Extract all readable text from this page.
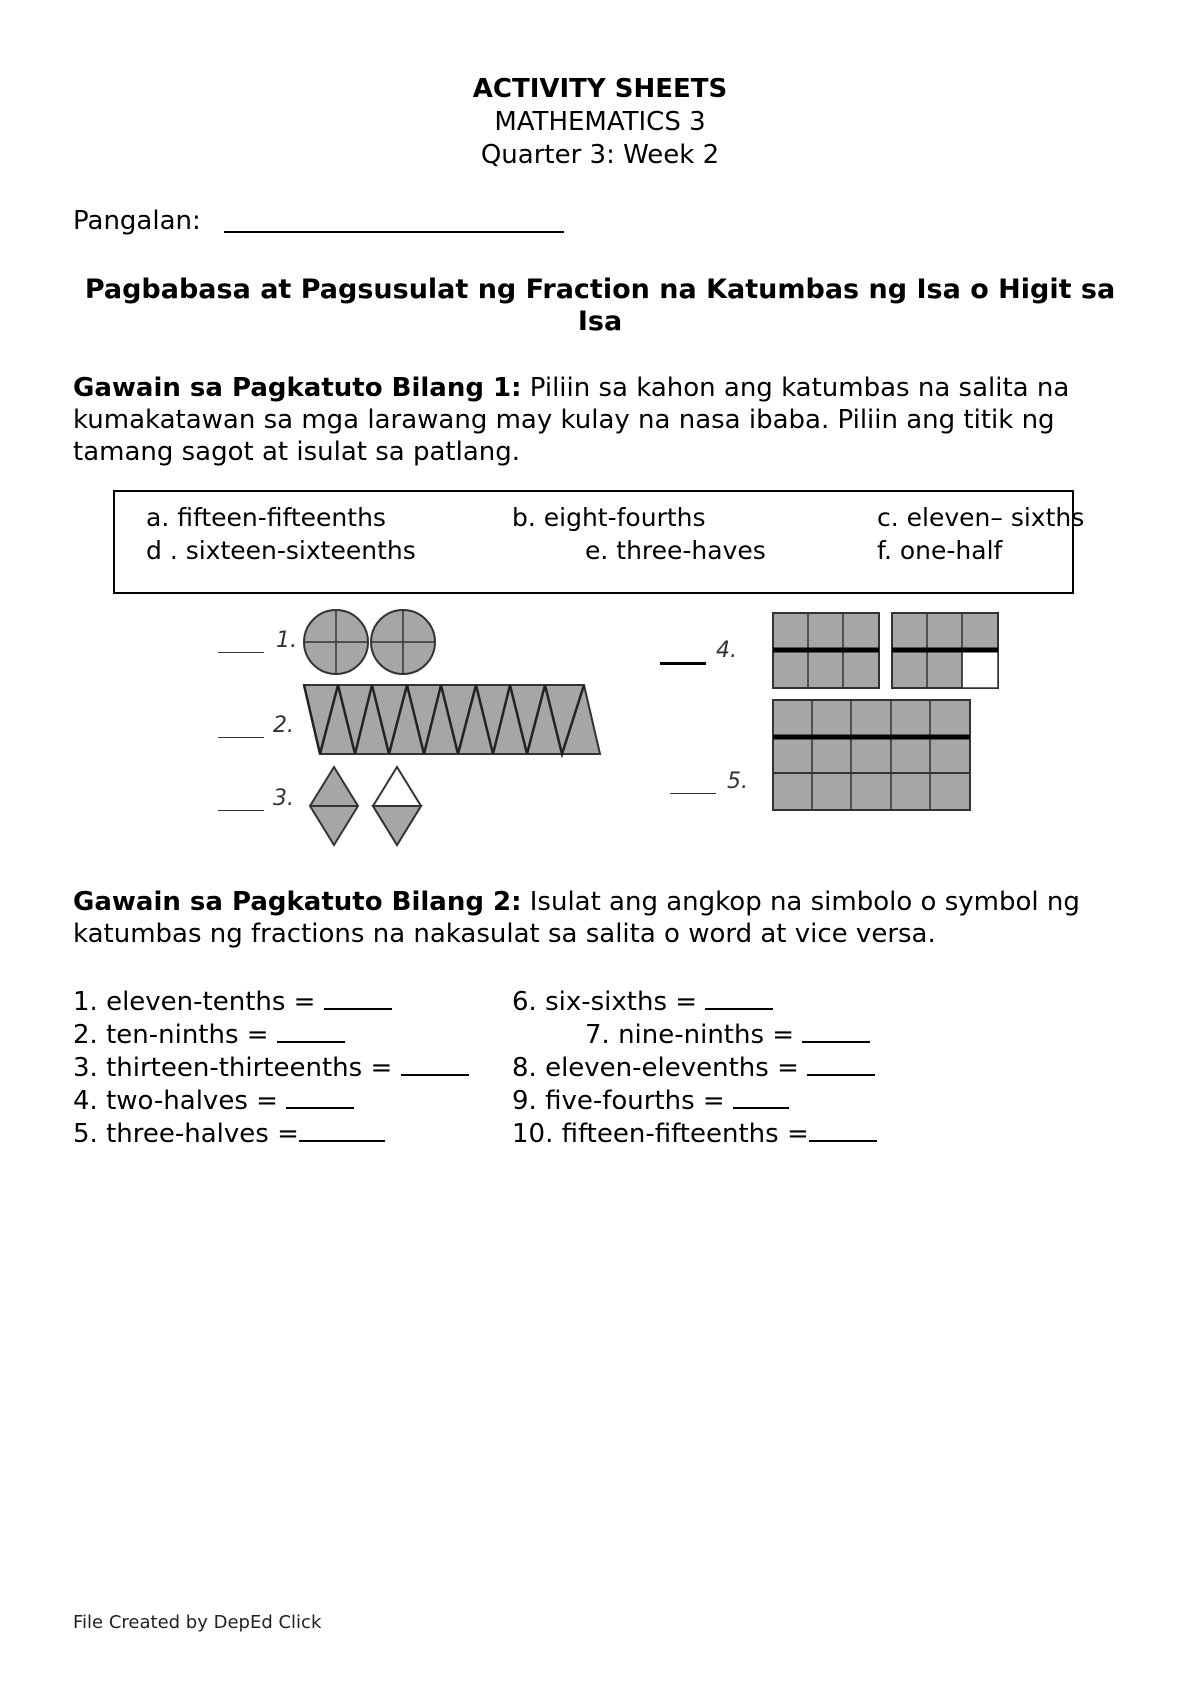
ACTIVITY SHEETS
MATHEMATICS 3
Quarter 3: Week 2
Pangalan:
Pagbabasa at Pagsusulat ng Fraction na Katumbas ng Isa o Higit sa Isa
Gawain sa Pagkatuto Bilang 1: Piliin sa kahon ang katumbas na salita na kumakatawan sa mga larawang may kulay na nasa ibaba. Piliin ang titik ng tamang sagot at isulat sa patlang.
a. fifteen-fifteenths	b. eight-fourths	c. eleven– sixths
d . sixteen-sixteenths	e. three-haves	f. one-half
1.
2.
3.
4.
5.
Gawain sa Pagkatuto Bilang 2: Isulat ang angkop na simbolo o symbol ng katumbas ng fractions na nakasulat sa salita o word at vice versa.
1. eleven-tenths =
2. ten-ninths =
3. thirteen-thirteenths =
4. two-halves =
5. three-halves =
6. six-sixths =
7. nine-ninths =
8. eleven-elevenths =
9. five-fourths =
10. fifteen-fifteenths =
File Created by DepEd Click
